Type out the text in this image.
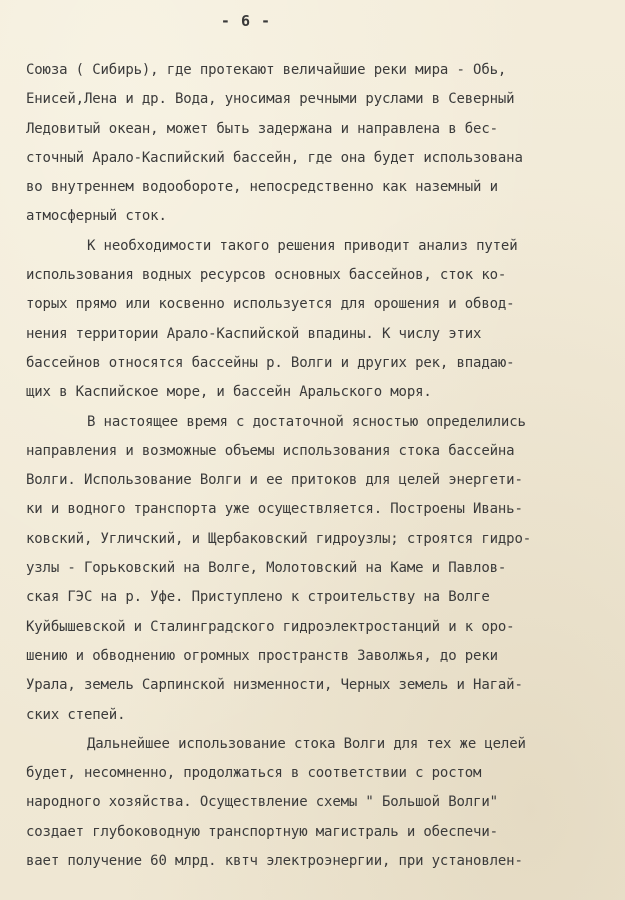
- 6 -
Союза ( Сибирь), где протекают величайшие реки мира - Обь,
Енисей,Лена и др. Вода, уносимая речными руслами в Северный
Ледовитый океан, может быть задержана и направлена в бес-
сточный Арало-Каспийский бассейн, где она будет использована
во внутреннем водообороте, непосредственно как наземный и
атмосферный сток.
К необходимости такого решения приводит анализ путей
использования водных ресурсов основных бассейнов, сток ко-
торых прямо или косвенно используется для орошения и обвод-
нения территории Арало-Каспийской впадины. К числу этих
бассейнов относятся бассейны р. Волги и других рек, впадаю-
щих в Каспийское море, и бассейн Аральского моря.
В настоящее время с достаточной ясностью определились
направления и возможные объемы использования стока бассейна
Волги. Использование Волги и ее притоков для целей энергети-
ки и водного транспорта уже осуществляется. Построены Ивань-
ковский, Угличский, и Щербаковский гидроузлы; строятся гидро-
узлы - Горьковский на Волге, Молотовский на Каме и Павлов-
ская ГЭС на р. Уфе. Приступлено к строительству на Волге
Куйбышевской и Сталинградского гидроэлектростанций и к оро-
шению и обводнению огромных пространств Заволжья, до реки
Урала, земель Сарпинской низменности, Черных земель и Нагай-
ских степей.
Дальнейшее использование стока Волги для тех же целей
будет, несомненно, продолжаться в соответствии с ростом
народного хозяйства. Осуществление схемы " Большой Волги"
создает глубоководную транспортную магистраль и обеспечи-
вает получение 60 млрд. квтч электроэнергии, при установлен-
